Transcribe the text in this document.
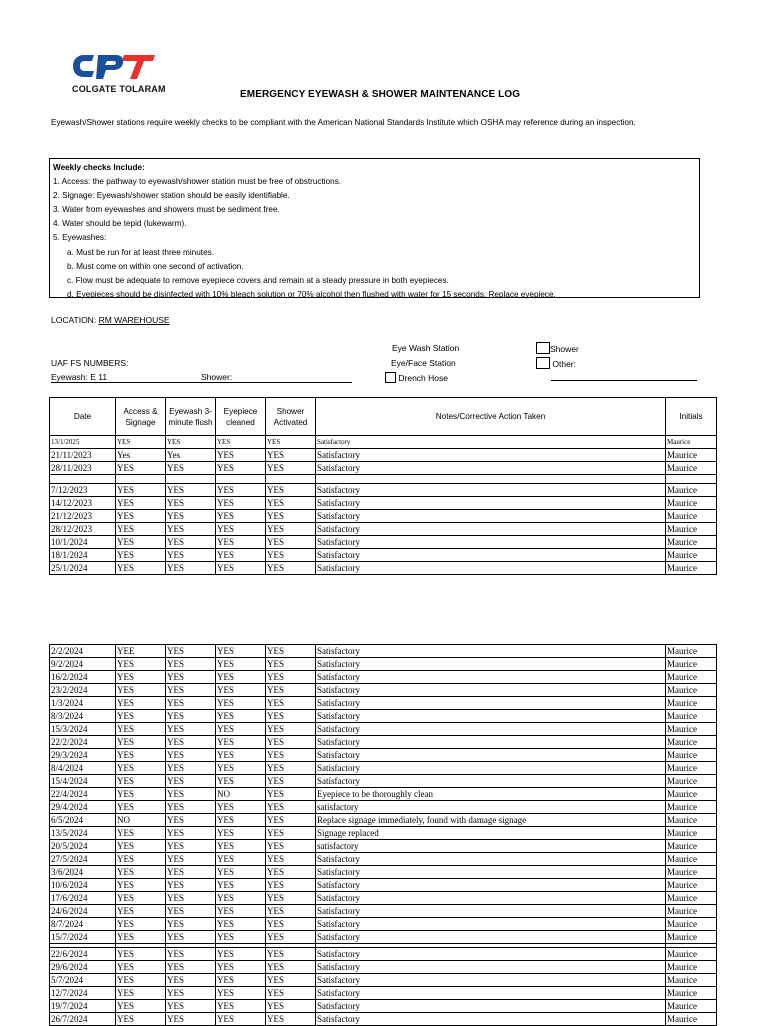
COLGATE TOLARAM	EMERGENCY EYEWASH & SHOWER MAINTENANCE LOG
Eyewash/Shower stations require weekly checks to be compliant with the American National Standards Institute which OSHA may reference during an inspection.
Weekly checks Include:
1. Access: the pathway to eyewash/shower station must be free of obstructions.
2. Signage: Eyewash/shower station should be easily identifiable.
3. Water from eyewashes and showers must be sediment free.
4. Water should be tepid (lukewarm).
5. Eyewashes:
a. Must be run for at least three minutes.
b. Must come on within one second of activation.
c. Flow must be adequate to remove eyepiece covers and remain at a steady pressure in both eyepieces.
d. Eyepieces should be disinfected with 10% bleach solution or 70% alcohol then flushed with water for 15 seconds. Replace eyepiece.
LOCATION: RM WAREHOUSE
Eye Wash Station
Eye/Face Station
Drench Hose
Shower
Other:
UAF FS NUMBERS:
Eyewash: E 11	Shower:
Date	Access & Signage	Eyewash 3-minute flush	Eyepiece cleaned	Shower Activated	Notes/Corrective Action Taken	Initials
13/1/2025	YES	YES	YES	YES	Satisfactory	Maurice
21/11/2023	Yes	Yes	YES	YES	Satisfactory	Maurice
28/11/2023	YES	YES	YES	YES	Satisfactory	Maurice

7/12/2023	YES	YES	YES	YES	Satisfactory	Maurice
14/12/2023	YES	YES	YES	YES	Satisfactory	Maurice
21/12/2023	YES	YES	YES	YES	Satisfactory	Maurice
28/12/2023	YES	YES	YES	YES	Satisfactory	Maurice
10/1/2024	YES	YES	YES	YES	Satisfactory	Maurice
18/1/2024	YES	YES	YES	YES	Satisfactory	Maurice
25/1/2024	YES	YES	YES	YES	Satisfactory	Maurice
2/2/2024	YEE	YES	YES	YES	Satisfactory	Maurice
9/2/2024	YES	YES	YES	YES	Satisfactory	Maurice
16/2/2024	YES	YES	YES	YES	Satisfactory	Maurice
23/2/2024	YES	YES	YES	YES	Satisfactory	Maurice
1/3/2024	YES	YES	YES	YES	Satisfactory	Maurice
8/3/2024	YES	YES	YES	YES	Satisfactory	Maurice
15/3/2024	YES	YES	YES	YES	Satisfactory	Maurice
22/2/2024	YES	YES	YES	YES	Satisfactory	Maurice
29/3/2024	YES	YES	YES	YES	Satisfactory	Maurice
8/4/2024	YES	YES	YES	YES	Satisfactory	Maurice
15/4/2024	YES	YES	YES	YES	Satisfactory	Maurice
22/4/2024	YES	YES	NO	YES	Eyepiece to be thoroughly clean	Maurice
29/4/2024	YES	YES	YES	YES	satisfactory	Maurice
6/5/2024	NO	YES	YES	YES	Replace signage immediately, found with damage signage	Maurice
13/5/2024	YES	YES	YES	YES	Signage replaced	Maurice
20/5/2024	YES	YES	YES	YES	satisfactory	Maurice
27/5/2024	YES	YES	YES	YES	Satisfactory	Maurice
3/6/2024	YES	YES	YES	YES	Satisfactory	Maurice
10/6/2024	YES	YES	YES	YES	Satisfactory	Maurice
17/6/2024	YES	YES	YES	YES	Satisfactory	Maurice
24/6/2024	YES	YES	YES	YES	Satisfactory	Maurice
8/7/2024	YES	YES	YES	YES	Satisfactory	Maurice
15/7/2024	YES	YES	YES	YES	Satisfactory	Maurice

22/6/2024	YES	YES	YES	YES	Satisfactory	Maurice
29/6/2024	YES	YES	YES	YES	Satisfactory	Maurice
5/7/2024	YES	YES	YES	YES	Satisfactory	Maurice
12/7/2024	YES	YES	YES	YES	Satisfactory	Maurice
19/7/2024	YES	YES	YES	YES	Satisfactory	Maurice
26/7/2024	YES	YES	YES	YES	Satisfactory	Maurice
